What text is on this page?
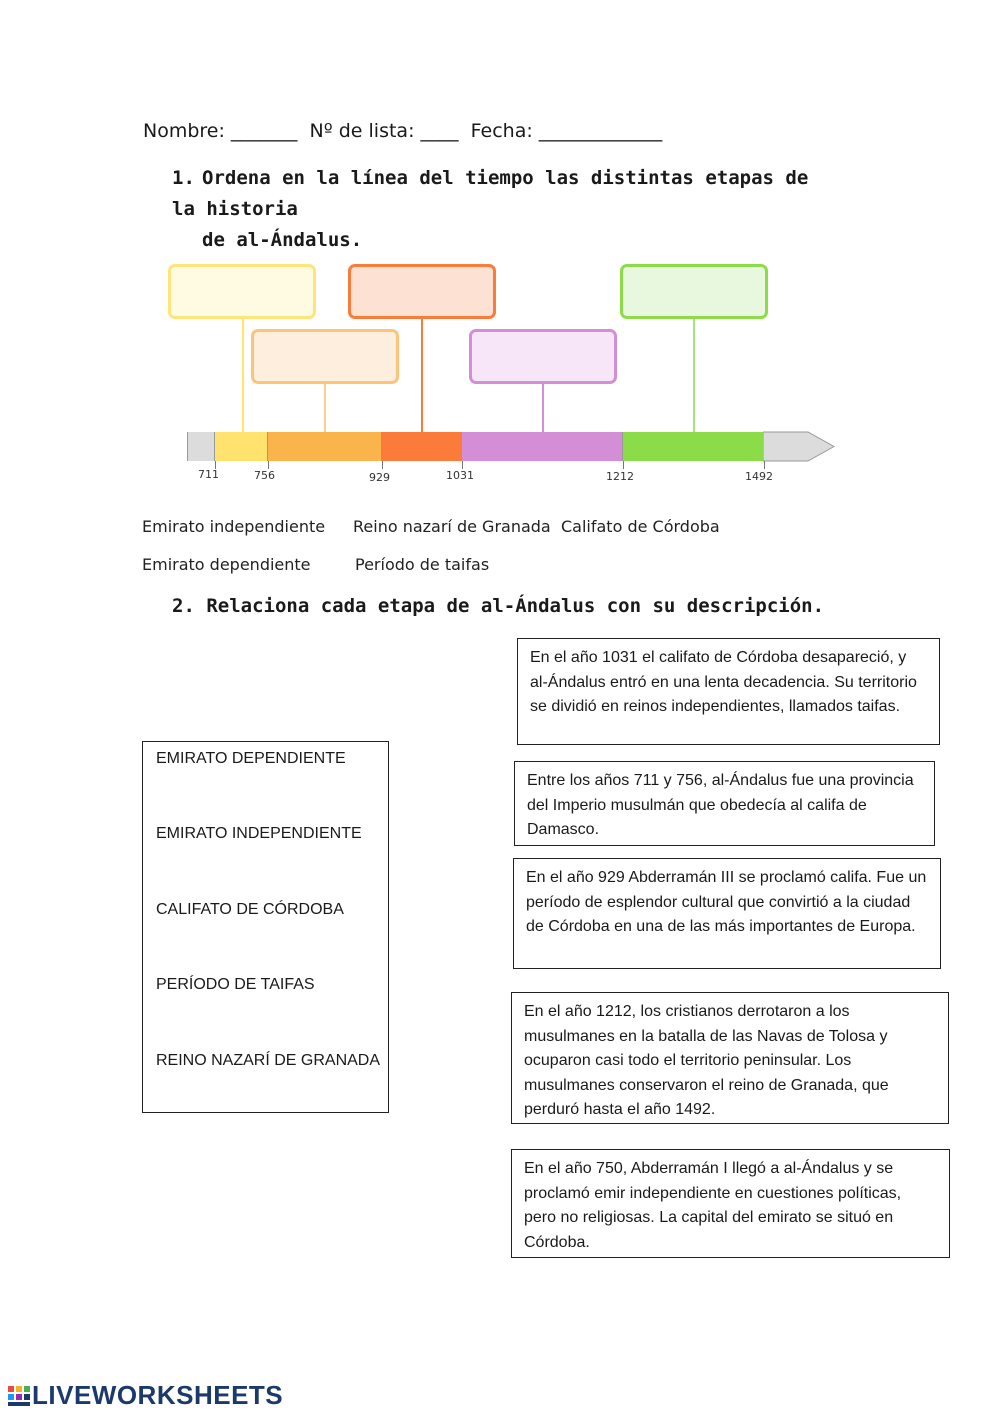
Nombre: _______ Nº de lista: ____ Fecha: _____________
1. Ordena en la línea del tiempo las distintas etapas de la historia
de al-Ándalus.
711	756	929	1031	1212	1492
Emirato independiente Reino nazarí de Granada Califato de Córdoba
Emirato dependiente	Período de taifas
2. Relaciona cada etapa de al-Ándalus con su descripción.
EMIRATO DEPENDIENTE
EMIRATO INDEPENDIENTE
CALIFATO DE CÓRDOBA
PERÍODO DE TAIFAS
REINO NAZARÍ DE GRANADA
En el año 1031 el califato de Córdoba desapareció, y al-Ándalus entró en una lenta decadencia. Su territorio se dividió en reinos independientes, llamados taifas.
Entre los años 711 y 756, al-Ándalus fue una provincia del Imperio musulmán que obedecía al califa de Damasco.
En el año 929 Abderramán III se proclamó califa. Fue un período de esplendor cultural que convirtió a la ciudad de Córdoba en una de las más importantes de Europa.
En el año 1212, los cristianos derrotaron a los musulmanes en la batalla de las Navas de Tolosa y ocuparon casi todo el territorio peninsular. Los musulmanes conservaron el reino de Granada, que perduró hasta el año 1492.
En el año 750, Abderramán I llegó a al-Ándalus y se proclamó emir independiente en cuestiones políticas, pero no religiosas. La capital del emirato se situó en Córdoba.
LIVEWORKSHEETS
